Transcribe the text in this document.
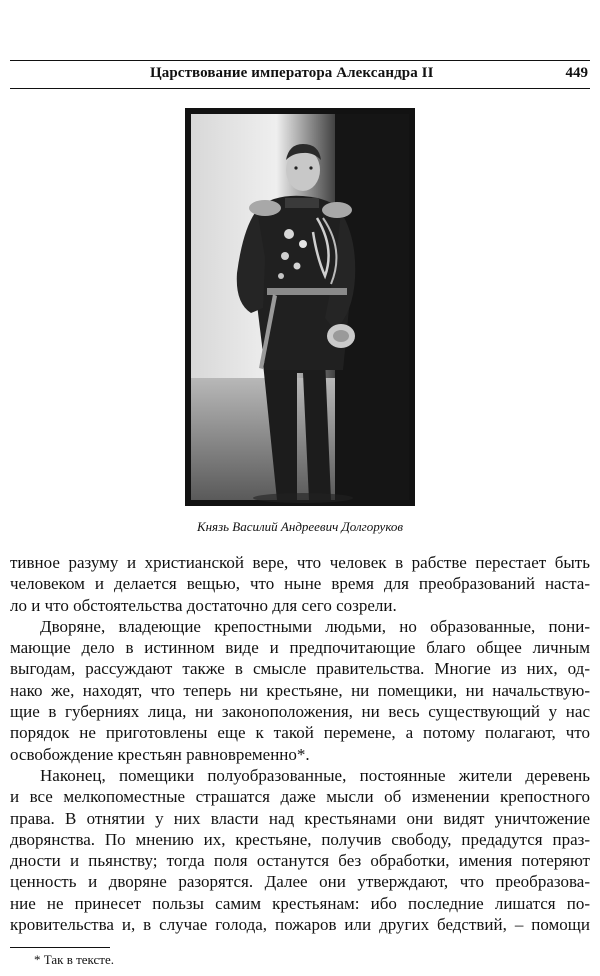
Царствование императора Александра II	449
Князь Василий Андреевич Долгоруков
тивное разуму и христианской вере, что человек в рабстве перестает быть
человеком и делается вещью, что ныне время для преобразований наста-
ло и что обстоятельства достаточно для сего созрели.
Дворяне, владеющие крепостными людьми, но образованные, пони-
мающие дело в истинном виде и предпочитающие благо общее личным
выгодам, рассуждают также в смысле правительства. Многие из них, од-
нако же, находят, что теперь ни крестьяне, ни помещики, ни начальствую-
щие в губерниях лица, ни законоположения, ни весь существующий у нас
порядок не приготовлены еще к такой перемене, а потому полагают, что
освобождение крестьян равновременно*.
Наконец, помещики полуобразованные, постоянные жители деревень
и все мелкопоместные страшатся даже мысли об изменении крепостного
права. В отнятии у них власти над крестьянами они видят уничтожение
дворянства. По мнению их, крестьяне, получив свободу, предадутся праз-
дности и пьянству; тогда поля останутся без обработки, имения потеряют
ценность и дворяне разорятся. Далее они утверждают, что преобразова-
ние не принесет пользы самим крестьянам: ибо последние лишатся по-
кровительства и, в случае голода, пожаров или других бедствий, – помощи
* Так в тексте.
